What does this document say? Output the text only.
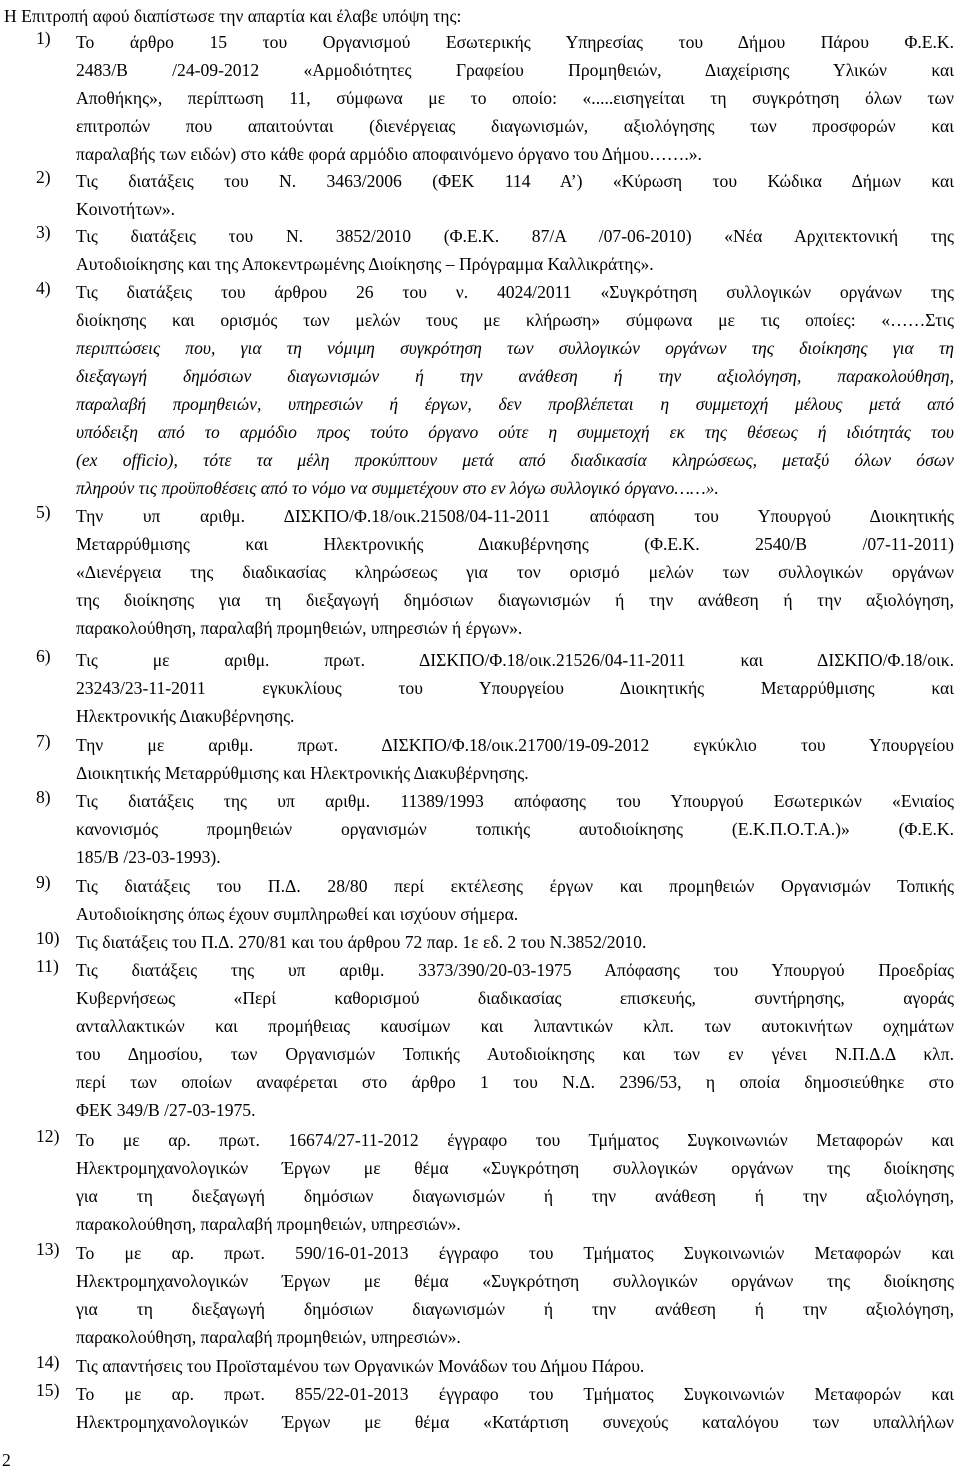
Η Επιτροπή αφού διαπίστωσε την απαρτία και έλαβε υπόψη της:
1) Το άρθρο 15 του Οργανισμού Εσωτερικής Υπηρεσίας του Δήμου Πάρου Φ.Ε.Κ.
2483/Β /24-09-2012 «Αρμοδιότητες Γραφείου Προμηθειών, Διαχείρισης Υλικών και
Αποθήκης», περίπτωση 11, σύμφωνα με το οποίο: «.....εισηγείται τη συγκρότηση όλων των
επιτροπών που απαιτούνται (διενέργειας διαγωνισμών, αξιολόγησης των προσφορών και
παραλαβής των ειδών) στο κάθε φορά αρμόδιο αποφαινόμενο όργανο του Δήμου…….».
2) Τις διατάξεις του Ν. 3463/2006 (ΦΕΚ 114 Α’) «Κύρωση του Κώδικα Δήμων και
Κοινοτήτων».
3) Τις διατάξεις του Ν. 3852/2010 (Φ.Ε.Κ. 87/Α /07-06-2010) «Νέα Αρχιτεκτονική της
Αυτοδιοίκησης και της Αποκεντρωμένης Διοίκησης – Πρόγραμμα Καλλικράτης».
4) Τις διατάξεις του άρθρου 26 του ν. 4024/2011 «Συγκρότηση συλλογικών οργάνων της
διοίκησης και ορισμός των μελών τους με κλήρωση» σύμφωνα με τις οποίες: «……Στις
περιπτώσεις που, για τη νόμιμη συγκρότηση των συλλογικών οργάνων της διοίκησης για τη
διεξαγωγή δημόσιων διαγωνισμών ή την ανάθεση ή την αξιολόγηση, παρακολούθηση,
παραλαβή προμηθειών, υπηρεσιών ή έργων, δεν προβλέπεται η συμμετοχή μέλους μετά από
υπόδειξη από το αρμόδιο προς τούτο όργανο ούτε η συμμετοχή εκ της θέσεως ή ιδιότητάς του
(ex officio), τότε τα μέλη προκύπτουν μετά από διαδικασία κληρώσεως, μεταξύ όλων όσων
πληρούν τις προϋποθέσεις από το νόμο να συμμετέχουν στο εν λόγω συλλογικό όργανο……».
5) Την υπ αριθμ. ΔΙΣΚΠΟ/Φ.18/οικ.21508/04-11-2011 απόφαση του Υπουργού Διοικητικής
Μεταρρύθμισης και Ηλεκτρονικής Διακυβέρνησης (Φ.Ε.Κ. 2540/Β /07-11-2011)
«Διενέργεια της διαδικασίας κληρώσεως για τον ορισμό μελών των συλλογικών οργάνων
της διοίκησης για τη διεξαγωγή δημόσιων διαγωνισμών ή την ανάθεση ή την αξιολόγηση,
παρακολούθηση, παραλαβή προμηθειών, υπηρεσιών ή έργων».
6) Τις με αριθμ. πρωτ. ΔΙΣΚΠΟ/Φ.18/οικ.21526/04-11-2011 και ΔΙΣΚΠΟ/Φ.18/οικ.
23243/23-11-2011 εγκυκλίους του Υπουργείου Διοικητικής Μεταρρύθμισης και
Ηλεκτρονικής Διακυβέρνησης.
7) Την με αριθμ. πρωτ. ΔΙΣΚΠΟ/Φ.18/οικ.21700/19-09-2012 εγκύκλιο του Υπουργείου
Διοικητικής Μεταρρύθμισης και Ηλεκτρονικής Διακυβέρνησης.
8) Τις διατάξεις της υπ αριθμ. 11389/1993 απόφασης του Υπουργού Εσωτερικών «Ενιαίος
κανονισμός προμηθειών οργανισμών τοπικής αυτοδιοίκησης (Ε.Κ.Π.Ο.Τ.Α.)» (Φ.Ε.Κ.
185/Β /23-03-1993).
9) Τις διατάξεις του Π.Δ. 28/80 περί εκτέλεσης έργων και προμηθειών Οργανισμών Τοπικής
Αυτοδιοίκησης όπως έχουν συμπληρωθεί και ισχύουν σήμερα.
10) Τις διατάξεις του Π.Δ. 270/81 και του άρθρου 72 παρ. 1ε εδ. 2 του Ν.3852/2010.
11) Τις διατάξεις της υπ αριθμ. 3373/390/20-03-1975 Απόφασης του Υπουργού Προεδρίας
Κυβερνήσεως «Περί καθορισμού διαδικασίας επισκευής, συντήρησης, αγοράς
ανταλλακτικών και προμήθειας καυσίμων και λιπαντικών κλπ. των αυτοκινήτων οχημάτων
του Δημοσίου, των Οργανισμών Τοπικής Αυτοδιοίκησης και των εν γένει Ν.Π.Δ.Δ κλπ.
περί των οποίων αναφέρεται στο άρθρο 1 του Ν.Δ. 2396/53, η οποία δημοσιεύθηκε στο
ΦΕΚ 349/Β /27-03-1975.
12) Το με αρ. πρωτ. 16674/27-11-2012 έγγραφο του Τμήματος Συγκοινωνιών Μεταφορών και
Ηλεκτρομηχανολογικών Έργων με θέμα «Συγκρότηση συλλογικών οργάνων της διοίκησης
για τη διεξαγωγή δημόσιων διαγωνισμών ή την ανάθεση ή την αξιολόγηση,
παρακολούθηση, παραλαβή προμηθειών, υπηρεσιών».
13) Το με αρ. πρωτ. 590/16-01-2013 έγγραφο του Τμήματος Συγκοινωνιών Μεταφορών και
Ηλεκτρομηχανολογικών Έργων με θέμα «Συγκρότηση συλλογικών οργάνων της διοίκησης
για τη διεξαγωγή δημόσιων διαγωνισμών ή την ανάθεση ή την αξιολόγηση,
παρακολούθηση, παραλαβή προμηθειών, υπηρεσιών».
14) Τις απαντήσεις του Προϊσταμένου των Οργανικών Μονάδων του Δήμου Πάρου.
15) Το με αρ. πρωτ. 855/22-01-2013 έγγραφο του Τμήματος Συγκοινωνιών Μεταφορών και
Ηλεκτρομηχανολογικών Έργων με θέμα «Κατάρτιση συνεχούς καταλόγου των υπαλλήλων
2
